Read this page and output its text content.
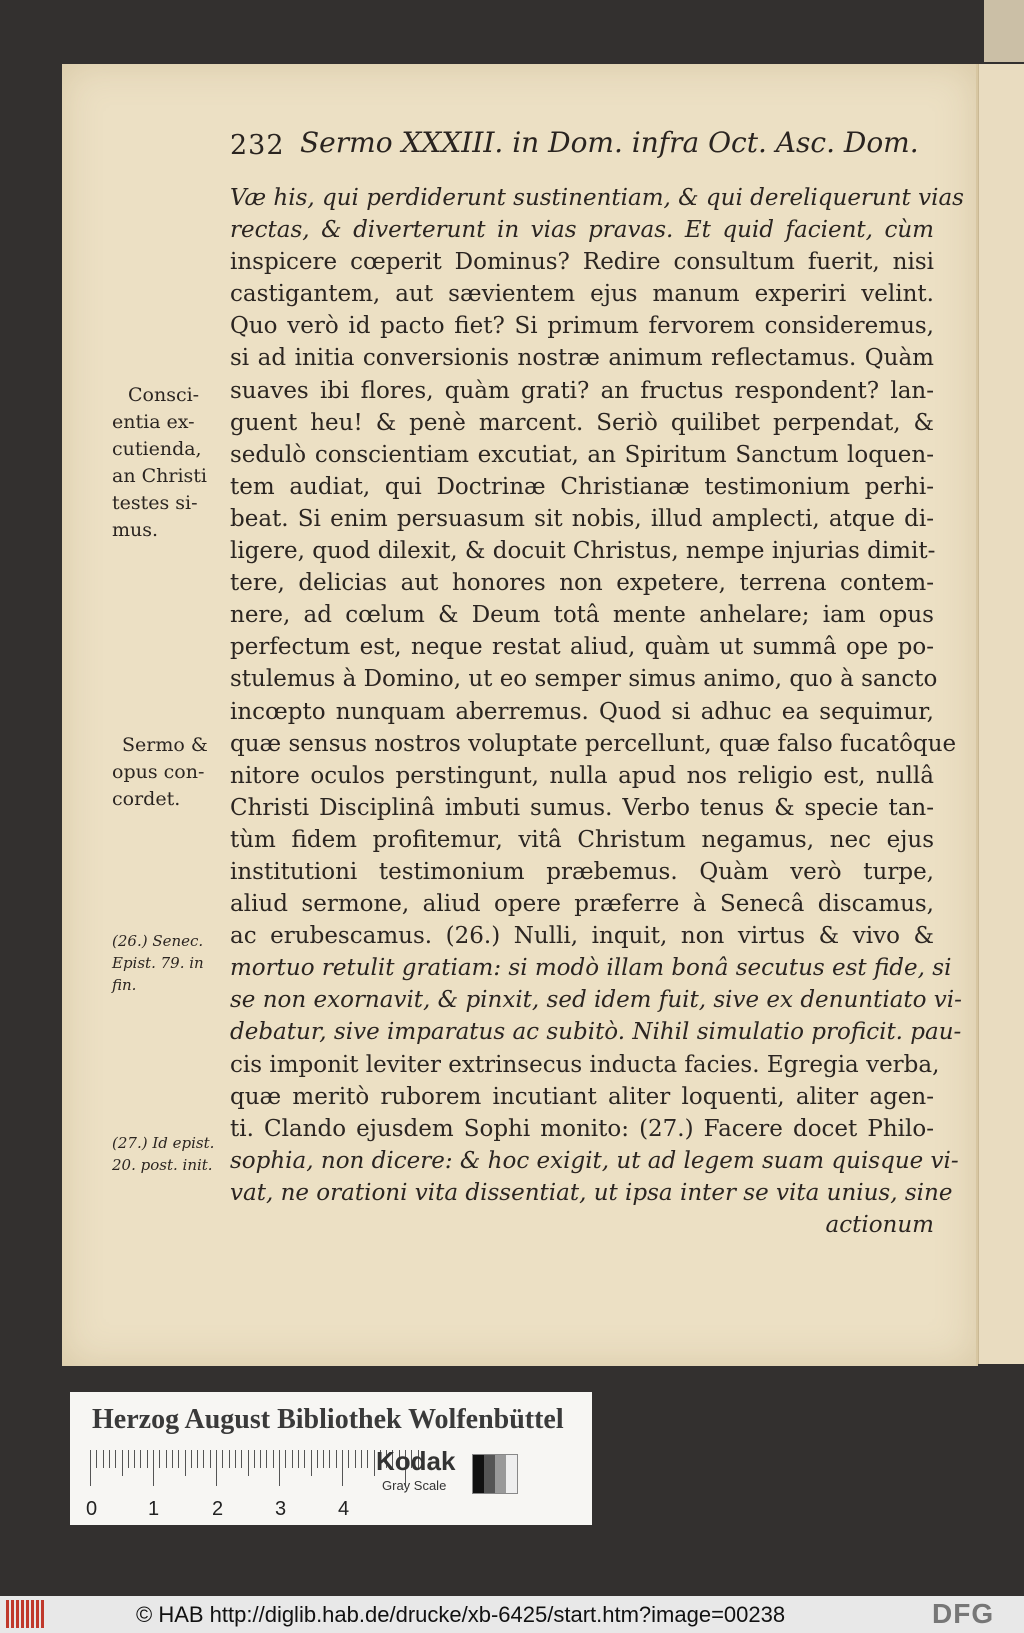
232 Sermo XXXIII. in Dom. infra Oct. Asc. Dom.
Væ his, qui perdiderunt sustinentiam, & qui dereliquerunt vias
rectas, & diverterunt in vias pravas. Et quid facient, cùm
inspicere cœperit Dominus? Redire consultum fuerit, nisi
castigantem, aut sævientem ejus manum experiri velint.
Quo verò id pacto fiet? Si primum fervorem consideremus,
si ad initia conversionis nostræ animum reflectamus. Quàm
suaves ibi flores, quàm grati? an fructus respondent? lan-
guent heu! & penè marcent. Seriò quilibet perpendat, &
sedulò conscientiam excutiat, an Spiritum Sanctum loquen-
tem audiat, qui Doctrinæ Christianæ testimonium perhi-
beat. Si enim persuasum sit nobis, illud amplecti, atque di-
ligere, quod dilexit, & docuit Christus, nempe injurias dimit-
tere, delicias aut honores non expetere, terrena contem-
nere, ad cœlum & Deum totâ mente anhelare; iam opus
perfectum est, neque restat aliud, quàm ut summâ ope po-
stulemus à Domino, ut eo semper simus animo, quo à sancto
incœpto nunquam aberremus. Quod si adhuc ea sequimur,
quæ sensus nostros voluptate percellunt, quæ falso fucatôque
nitore oculos perstingunt, nulla apud nos religio est, nullâ
Christi Disciplinâ imbuti sumus. Verbo tenus & specie tan-
tùm fidem profitemur, vitâ Christum negamus, nec ejus
institutioni testimonium præbemus. Quàm verò turpe,
aliud sermone, aliud opere præferre à Senecâ discamus,
ac erubescamus. (26.) Nulli, inquit, non virtus & vivo &
mortuo retulit gratiam: si modò illam bonâ secutus est fide, si
se non exornavit, & pinxit, sed idem fuit, sive ex denuntiato vi-
debatur, sive imparatus ac subitò. Nihil simulatio proficit. pau-
cis imponit leviter extrinsecus inducta facies. Egregia verba,
quæ meritò ruborem incutiant aliter loquenti, aliter agen-
ti. Clando ejusdem Sophi monito: (27.) Facere docet Philo-
sophia, non dicere: & hoc exigit, ut ad legem suam quisque vi-
vat, ne orationi vita dissentiat, ut ipsa inter se vita unius, sine
actionum
Consci-
entia ex-
cutienda,
an Christi
testes si-
mus.
Sermo &
opus con-
cordet.
(26.) Senec.
Epist. 79. in
fin.
(27.) Id epist.
20. post. init.
Herzog August Bibliothek Wolfenbüttel
0	1	2	3	4
Kodak
Gray Scale
© HAB http://diglib.hab.de/drucke/xb-6425/start.htm?image=00238	DFG
